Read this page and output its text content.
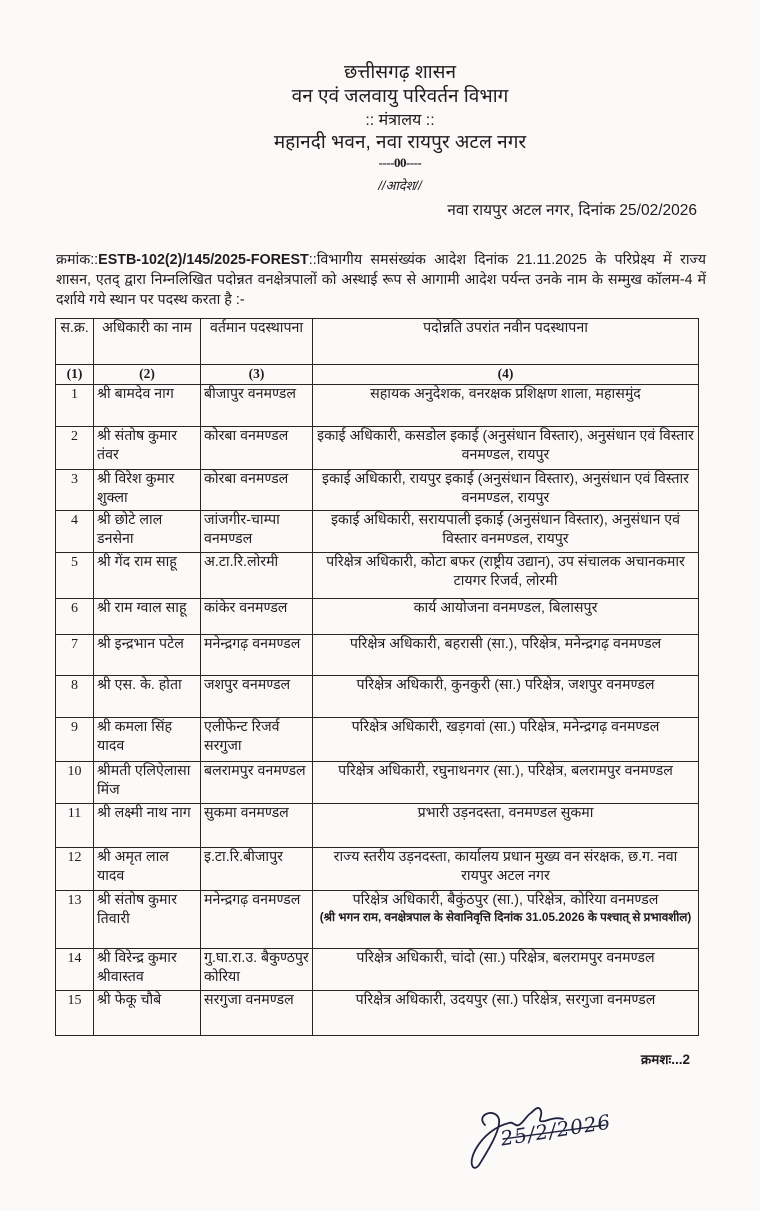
छत्तीसगढ़ शासन
वन एवं जलवायु परिवर्तन विभाग
:: मंत्रालय ::
महानदी भवन, नवा रायपुर अटल नगर
----00----
//आदेश//
नवा रायपुर अटल नगर, दिनांक 25/02/2026
क्रमांक::ESTB-102(2)/145/2025-FOREST::विभागीय समसंख्यंक आदेश दिनांक 21.11.2025 के परिप्रेक्ष्य में राज्य शासन, एतद् द्वारा निम्नलिखित पदोन्नत वनक्षेत्रपालों को अस्थाई रूप से आगामी आदेश पर्यन्त उनके नाम के सम्मुख कॉलम-4 में दर्शाये गये स्थान पर पदस्थ करता है :-
स.क्र.	अधिकारी का नाम	वर्तमान पदस्थापना	पदोन्नति उपरांत नवीन पदस्थापना
(1)	(2)	(3)	(4)
1	श्री बामदेव नाग	बीजापुर वनमण्डल	सहायक अनुदेशक, वनरक्षक प्रशिक्षण शाला, महासमुंद
2	श्री संतोष कुमार तंवर	कोरबा वनमण्डल	इकाई अधिकारी, कसडोल इकाई (अनुसंधान विस्तार), अनुसंधान एवं विस्तार वनमण्डल, रायपुर
3	श्री विरेश कुमार शुक्ला	कोरबा वनमण्डल	इकाई अधिकारी, रायपुर इकाई (अनुसंधान विस्तार), अनुसंधान एवं विस्तार वनमण्डल, रायपुर
4	श्री छोटे लाल डनसेना	जांजगीर-चाम्पा वनमण्डल	इकाई अधिकारी, सरायपाली इकाई (अनुसंधान विस्तार), अनुसंधान एवं विस्तार वनमण्डल, रायपुर
5	श्री गेंद राम साहू	अ.टा.रि.लोरमी	परिक्षेत्र अधिकारी, कोटा बफर (राष्ट्रीय उद्यान), उप संचालक अचानकमार टायगर रिजर्व, लोरमी
6	श्री राम ग्वाल साहू	कांकेर वनमण्डल	कार्य आयोजना वनमण्डल, बिलासपुर
7	श्री इन्द्रभान पटेल	मनेन्द्रगढ़ वनमण्डल	परिक्षेत्र अधिकारी, बहरासी (सा.), परिक्षेत्र, मनेन्द्रगढ़ वनमण्डल
8	श्री एस. के. होता	जशपुर वनमण्डल	परिक्षेत्र अधिकारी, कुनकुरी (सा.) परिक्षेत्र, जशपुर वनमण्डल
9	श्री कमला सिंह यादव	एलीफेन्ट रिजर्व सरगुजा	परिक्षेत्र अधिकारी, खड़गवां (सा.) परिक्षेत्र, मनेन्द्रगढ़ वनमण्डल
10	श्रीमती एलिऐलासा मिंज	बलरामपुर वनमण्डल	परिक्षेत्र अधिकारी, रघुनाथनगर (सा.), परिक्षेत्र, बलरामपुर वनमण्डल
11	श्री लक्ष्मी नाथ नाग	सुकमा वनमण्डल	प्रभारी उड़नदस्ता, वनमण्डल सुकमा
12	श्री अमृत लाल यादव	इ.टा.रि.बीजापुर	राज्य स्तरीय उड़नदस्ता, कार्यालय प्रधान मुख्य वन संरक्षक, छ.ग. नवा रायपुर अटल नगर
13	श्री संतोष कुमार तिवारी	मनेन्द्रगढ़ वनमण्डल	परिक्षेत्र अधिकारी, बैकुंठपुर (सा.), परिक्षेत्र, कोरिया वनमण्डल
(श्री भगन राम, वनक्षेत्रपाल के सेवानिवृत्ति दिनांक 31.05.2026 के पश्चात् से प्रभावशील)

14	श्री विरेन्द्र कुमार श्रीवास्तव	गु.घा.रा.उ. बैकुण्ठपुर कोरिया	परिक्षेत्र अधिकारी, चांदो (सा.) परिक्षेत्र, बलरामपुर वनमण्डल
15	श्री फेकू चौबे	सरगुजा वनमण्डल	परिक्षेत्र अधिकारी, उदयपुर (सा.) परिक्षेत्र, सरगुजा वनमण्डल
क्रमशः...2
25/2/2026
